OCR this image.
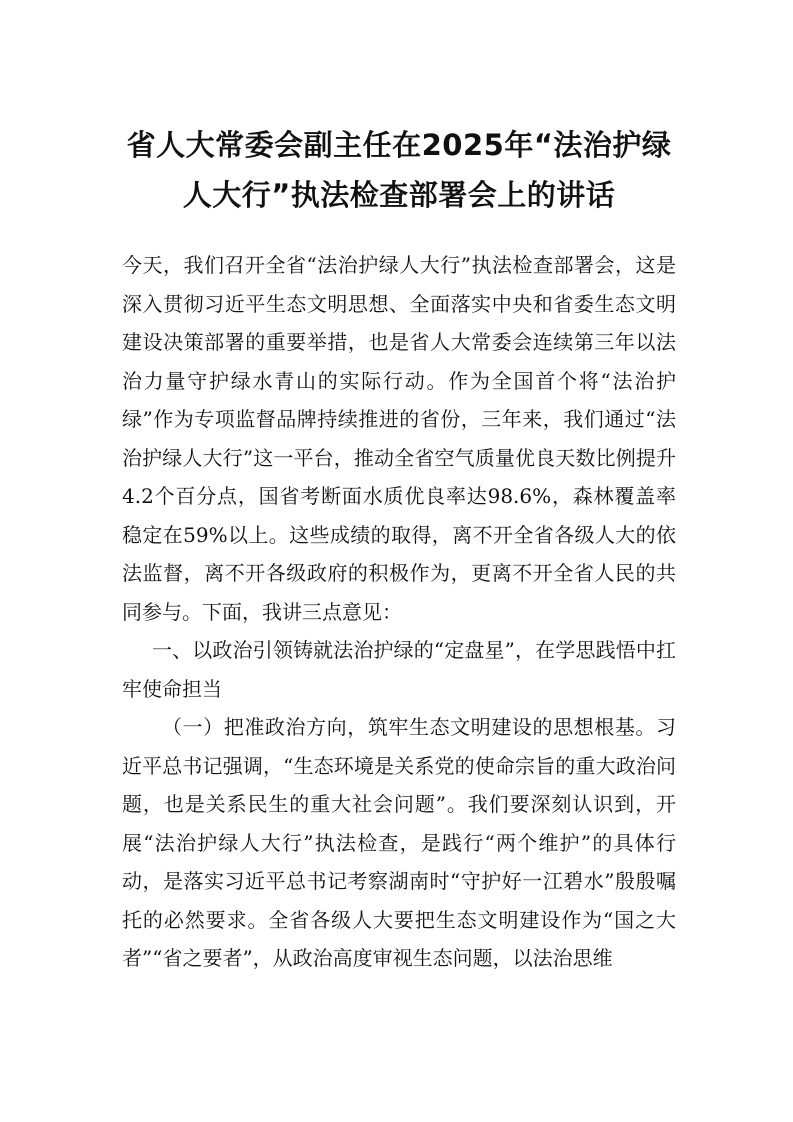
省人大常委会副主任在2025年“法治护绿
人大行”执法检查部署会上的讲话

今天，我们召开全省“法治护绿人大行”执法检查部署会，这是深入贯彻习近平生态文明思想、全面落实中央和省委生态文明建设决策部署的重要举措，也是省人大常委会连续第三年以法治力量守护绿水青山的实际行动。作为全国首个将“法治护绿”作为专项监督品牌持续推进的省份，三年来，我们通过“法治护绿人大行”这一平台，推动全省空气质量优良天数比例提升4.2个百分点，国省考断面水质优良率达98.6%，森林覆盖率稳定在59%以上。这些成绩的取得，离不开全省各级人大的依法监督，离不开各级政府的积极作为，更离不开全省人民的共同参与。下面，我讲三点意见：

一、以政治引领铸就法治护绿的“定盘星”，在学思践悟中扛牢使命担当

（一）把准政治方向，筑牢生态文明建设的思想根基。习近平总书记强调，“生态环境是关系党的使命宗旨的重大政治问题，也是关系民生的重大社会问题”。我们要深刻认识到，开展“法治护绿人大行”执法检查，是践行“两个维护”的具体行动，是落实习近平总书记考察湖南时“守护好一江碧水”殷殷嘱托的必然要求。全省各级人大要把生态文明建设作为“国之大者”“省之要者”，从政治高度审视生态问题，以法治思维
